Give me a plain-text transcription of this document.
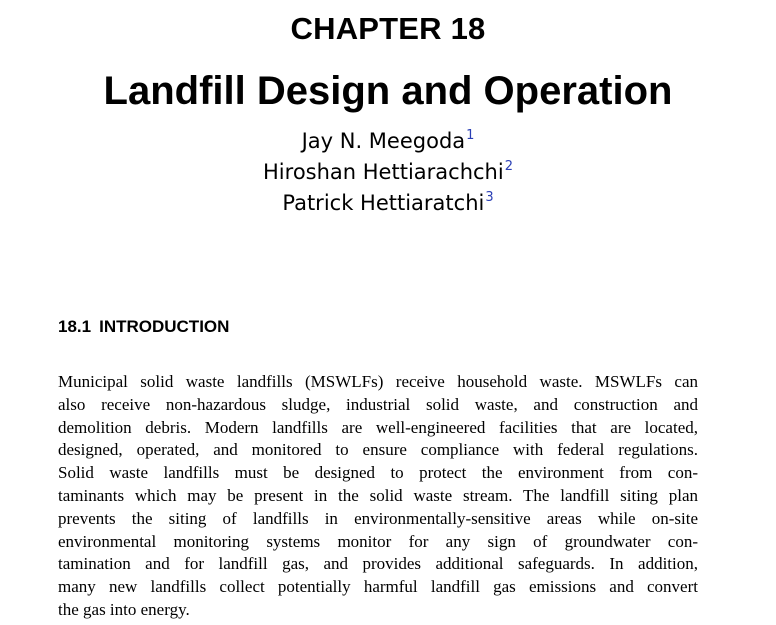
CHAPTER 18
Landfill Design and Operation
Jay N. Meegoda$^1$
Hiroshan Hettiarachchi$^2$
Patrick Hettiaratchi$^3$
18.1 INTRODUCTION
Municipal solid waste landfills (MSWLFs) receive household waste. MSWLFs can
also receive non-hazardous sludge, industrial solid waste, and construction and
demolition debris. Modern landfills are well-engineered facilities that are located,
designed, operated, and monitored to ensure compliance with federal regulations.
Solid waste landfills must be designed to protect the environment from con-
taminants which may be present in the solid waste stream. The landfill siting plan
prevents the siting of landfills in environmentally-sensitive areas while on-site
environmental monitoring systems monitor for any sign of groundwater con-
tamination and for landfill gas, and provides additional safeguards. In addition,
many new landfills collect potentially harmful landfill gas emissions and convert
the gas into energy.
